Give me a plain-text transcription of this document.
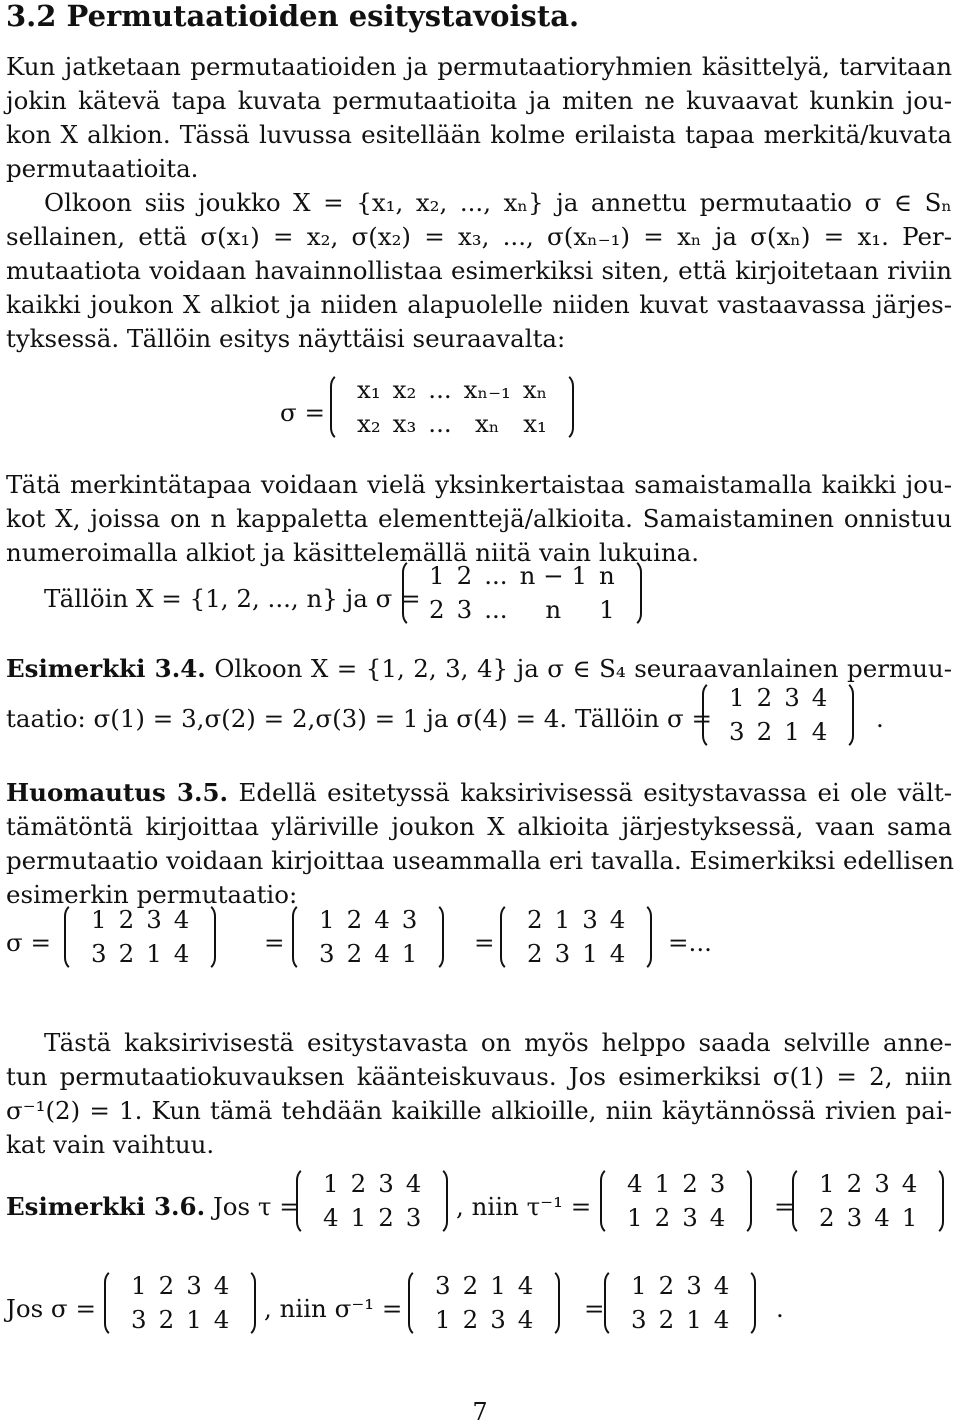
3.2 Permutaatioiden esitystavoista.
Kun jatketaan permutaatioiden ja permutaatioryhmien käsittelyä, tarvitaan
jokin kätevä tapa kuvata permutaatioita ja miten ne kuvaavat kunkin jou-
kon X alkion. Tässä luvussa esitellään kolme erilaista tapaa merkitä/kuvata
permutaatioita.
Olkoon siis joukko X = {x₁, x₂, ..., xₙ} ja annettu permutaatio σ ∈ Sₙ
sellainen, että σ(x₁) = x₂, σ(x₂) = x₃, ..., σ(xₙ₋₁) = xₙ ja σ(xₙ) = x₁. Per-
mutaatiota voidaan havainnollistaa esimerkiksi siten, että kirjoitetaan riviin
kaikki joukon X alkiot ja niiden alapuolelle niiden kuvat vastaavassa järjes-
tyksessä. Tällöin esitys näyttäisi seuraavalta:
σ =
x₁ x₂ ... xₙ₋₁ xₙ
x₂ x₃ ... xₙ x₁
Tätä merkintätapaa voidaan vielä yksinkertaistaa samaistamalla kaikki jou-
kot X, joissa on n kappaletta elementtejä/alkioita. Samaistaminen onnistuu
numeroimalla alkiot ja käsittelemällä niitä vain lukuina.
Tällöin X = {1, 2, ..., n} ja σ =
1 2 ... n − 1 n
2 3 ...	n	1
Esimerkki 3.4. Olkoon X = {1, 2, 3, 4} ja σ ∈ S₄ seuraavanlainen permuu-
taatio: σ(1) = 3,σ(2) = 2,σ(3) = 1 ja σ(4) = 4. Tällöin σ =
1 2 3 4
3 2 1 4 .
Huomautus 3.5. Edellä esitetyssä kaksirivisessä esitystavassa ei ole vält-
tämätöntä kirjoittaa yläriville joukon X alkioita järjestyksessä, vaan sama
permutaatio voidaan kirjoittaa useammalla eri tavalla. Esimerkiksi edellisen
esimerkin permutaatio:
σ =
1 2 3 4
3 2 1 4	=
1 2 4 3
3 2 4 1 =
2 1 3 4
2 3 1 4 =...
Tästä kaksirivisestä esitystavasta on myös helppo saada selville anne-
tun permutaatiokuvauksen käänteiskuvaus. Jos esimerkiksi σ(1) = 2, niin
σ⁻¹(2) = 1. Kun tämä tehdään kaikille alkioille, niin käytännössä rivien pai-
kat vain vaihtuu.
Esimerkki 3.6. Jos τ =
1 2 3 4
4 1 2 3 , niin τ⁻¹ =
4 1 2 3
1 2 3 4 =
1 2 3 4
2 3 4 1
Jos σ =
1 2 3 4
3 2 1 4 , niin σ⁻¹ =
3 2 1 4
1 2 3 4 =
1 2 3 4
3 2 1 4 .
7
